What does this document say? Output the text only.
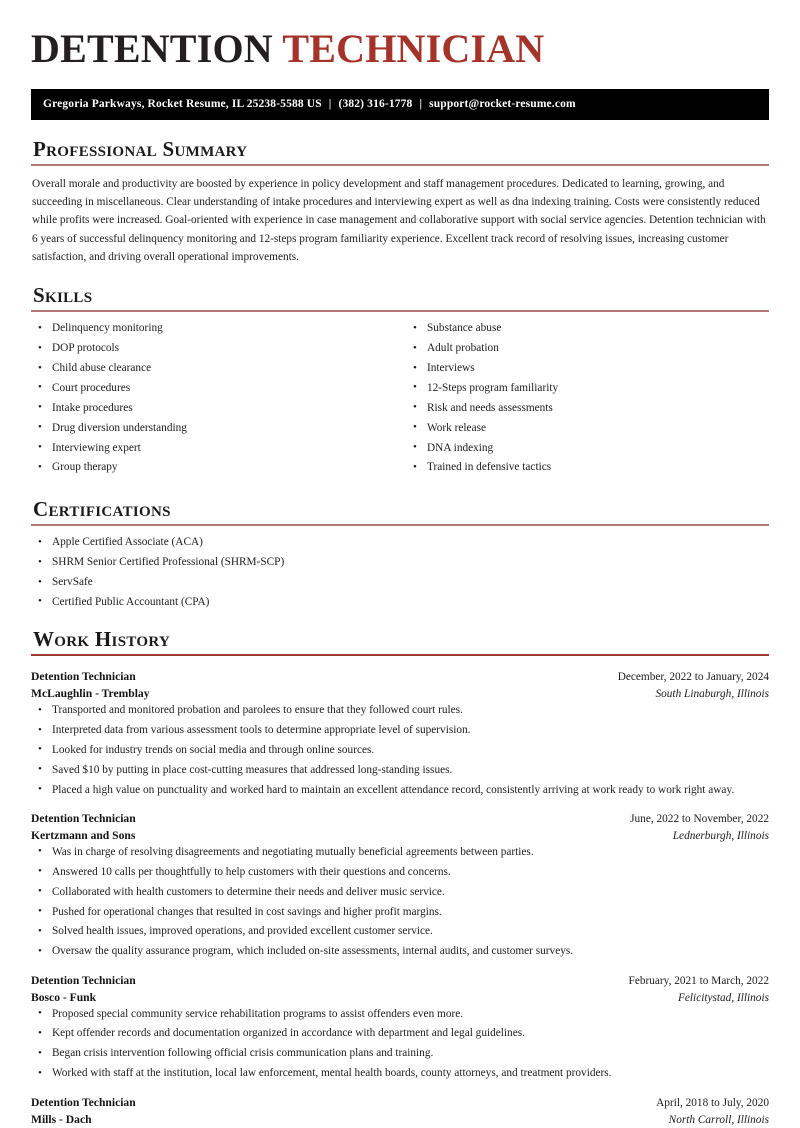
DETENTION TECHNICIAN
Gregoria Parkways, Rocket Resume, IL 25238-5588 US | (382) 316-1778 | support@rocket-resume.com
Professional Summary

Overall morale and productivity are boosted by experience in policy development and staff management procedures. Dedicated to learning, growing, and succeeding in miscellaneous. Clear understanding of intake procedures and interviewing expert as well as dna indexing training. Costs were consistently reduced while profits were increased. Goal-oriented with experience in case management and collaborative support with social service agencies. Detention technician with 6 years of successful delinquency monitoring and 12-steps program familiarity experience. Excellent track record of resolving issues, increasing customer satisfaction, and driving overall operational improvements.

Skills
• Delinquency monitoring
• DOP protocols
• Child abuse clearance
• Court procedures
• Intake procedures
• Drug diversion understanding
• Interviewing expert
• Group therapy
• Substance abuse
• Adult probation
• Interviews
• 12-Steps program familiarity
• Risk and needs assessments
• Work release
• DNA indexing
• Trained in defensive tactics
Certifications
• Apple Certified Associate (ACA)
• SHRM Senior Certified Professional (SHRM-SCP)
• ServSafe
• Certified Public Accountant (CPA)
Work History
Detention Technician	December, 2022 to January, 2024
McLaughlin - Tremblay	South Linaburgh, Illinois
• Transported and monitored probation and parolees to ensure that they followed court rules.
• Interpreted data from various assessment tools to determine appropriate level of supervision.
• Looked for industry trends on social media and through online sources.
• Saved $10 by putting in place cost-cutting measures that addressed long-standing issues.
• Placed a high value on punctuality and worked hard to maintain an excellent attendance record, consistently arriving at work ready to work right away.
Detention Technician	June, 2022 to November, 2022
Kertzmann and Sons	Lednerburgh, Illinois
• Was in charge of resolving disagreements and negotiating mutually beneficial agreements between parties.
• Answered 10 calls per thoughtfully to help customers with their questions and concerns.
• Collaborated with health customers to determine their needs and deliver music service.
• Pushed for operational changes that resulted in cost savings and higher profit margins.
• Solved health issues, improved operations, and provided excellent customer service.
• Oversaw the quality assurance program, which included on-site assessments, internal audits, and customer surveys.
Detention Technician	February, 2021 to March, 2022
Bosco - Funk	Felicitystad, Illinois
• Proposed special community service rehabilitation programs to assist offenders even more.
• Kept offender records and documentation organized in accordance with department and legal guidelines.
• Began crisis intervention following official crisis communication plans and training.
• Worked with staff at the institution, local law enforcement, mental health boards, county attorneys, and treatment providers.
Detention Technician	April, 2018 to July, 2020
Mills - Dach	North Carroll, Illinois
